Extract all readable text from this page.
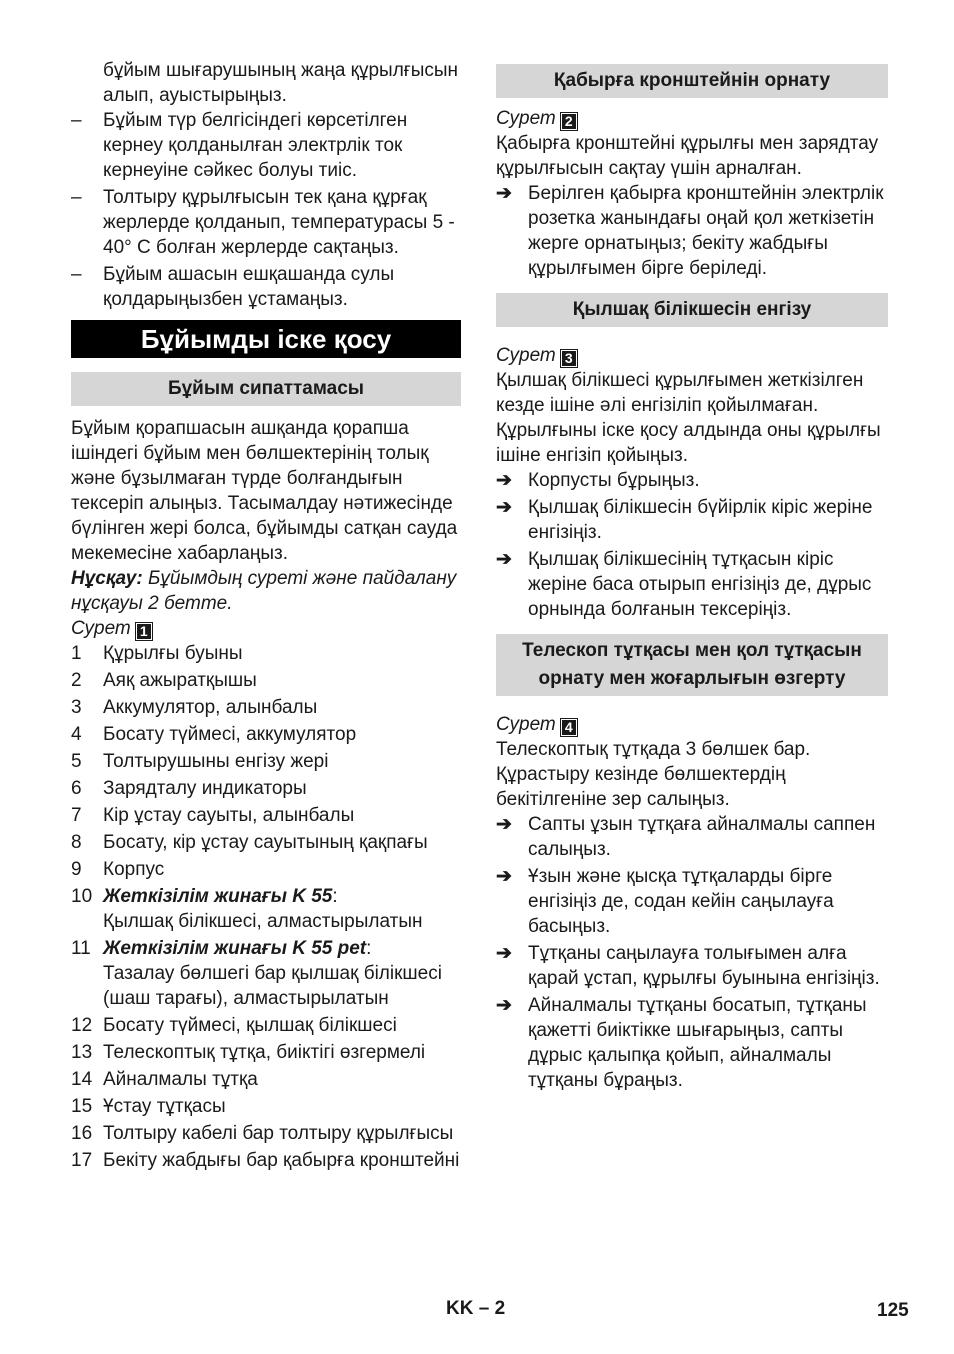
бұйым шығарушының жаңа құрылғысын алып, ауыстырыңыз.

– Бұйым түр белгісіндегі көрсетілген кернеу қолданылған электрлік ток кернеуіне сәйкес болуы тиіс.
– Толтыру құрылғысын тек қана құрғақ жерлерде қолданып, температурасы 5 - 40° С болған жерлерде сақтаңыз.
– Бұйым ашасын ешқашанда сулы қолдарыңызбен ұстамаңыз.
Бұйымды іске қосу
Бұйым сипаттамасы

Бұйым қорапшасын ашқанда қорапша ішіндегі бұйым мен бөлшектерінің толық және бұзылмаған түрде болғандығын тексеріп алыңыз. Тасымалдау нәтижесінде бүлінген жері болса, бұйымды сатқан сауда мекемесіне хабарлаңыз.

Нұсқау: Бұйымдың суреті және пайдалану нұсқауы 2 бетте.

Сурет 1

1 Құрылғы буыны
2 Аяқ ажыратқышы
3 Аккумулятор, алынбалы
4 Босату түймесі, аккумулятор
5 Толтырушыны енгізу жері
6 Зарядталу индикаторы
7 Кір ұстау сауыты, алынбалы
8 Босату, кір ұстау сауытының қақпағы
9 Корпус
10 Жеткізілім жинағы K 55:
Қылшақ білікшесі, алмастырылатын
11 Жеткізілім жинағы K 55 pet:
Тазалау бөлшегі бар қылшақ білікшесі (шаш тарағы), алмастырылатын
12 Босату түймесі, қылшақ білікшесі
13 Телескоптық тұтқа, биіктігі өзгермелі
14 Айналмалы тұтқа
15 Ұстау тұтқасы
16 Толтыру кабелі бар толтыру құрылғысы
17 Бекіту жабдығы бар қабырға кронштейні
Қабырға кронштейнін орнату

Сурет 2

Қабырға кронштейні құрылғы мен зарядтау құрылғысын сақтау үшін арналған.

➔ Берілген қабырға кронштейнін электрлік розетка жанындағы оңай қол жеткізетін жерге орнатыңыз; бекіту жабдығы құрылғымен бірге беріледі.
Қылшақ білікшесін енгізу

Сурет 3

Қылшақ білікшесі құрылғымен жеткізілген кезде ішіне әлі енгізіліп қойылмаған. Құрылғыны іске қосу алдында оны құрылғы ішіне енгізіп қойыңыз.

➔ Корпусты бұрыңыз.
➔ Қылшақ білікшесін бүйірлік кіріс жеріне енгізіңіз.
➔ Қылшақ білікшесінің тұтқасын кіріс жеріне баса отырып енгізіңіз де, дұрыс орнында болғанын тексеріңіз.
Телескоп тұтқасы мен қол тұтқасын орнату мен жоғарлығын өзгерту

Сурет 4

Телескоптық тұтқада 3 бөлшек бар. Құрастыру кезінде бөлшектердің бекітілгеніне зер салыңыз.

➔ Сапты ұзын тұтқаға айналмалы саппен салыңыз.
➔ Ұзын және қысқа тұтқаларды бірге енгізіңіз де, содан кейін саңылауға басыңыз.
➔ Тұтқаны саңылауға толығымен алға қарай ұстап, құрылғы буынына енгізіңіз.
➔ Айналмалы тұтқаны босатып, тұтқаны қажетті биіктікке шығарыңыз, сапты дұрыс қалыпқа қойып, айналмалы тұтқаны бұраңыз.
KK – 2	125
